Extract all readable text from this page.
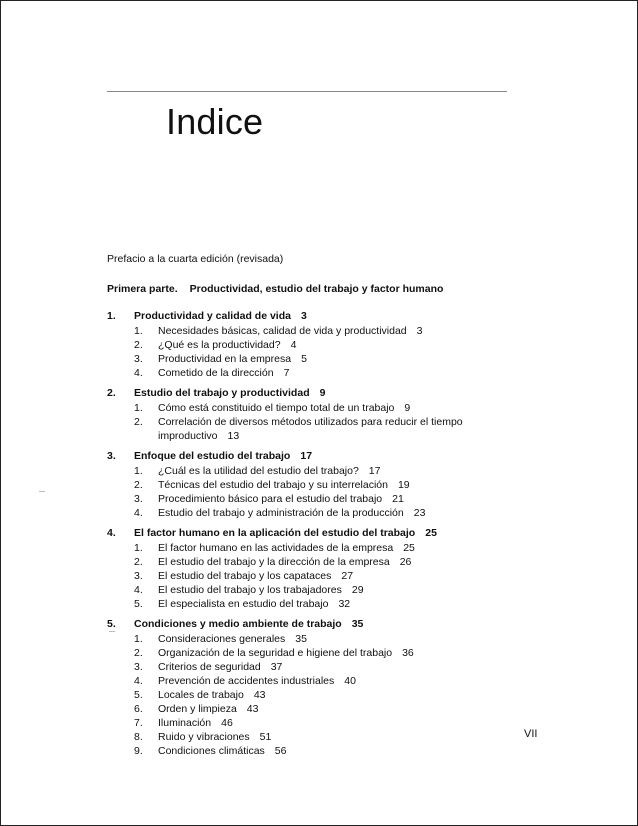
Indice
Prefacio a la cuarta edición (revisada)
Primera parte. Productividad, estudio del trabajo y factor humano
1.	Productividad y calidad de vida 3
1.	Necesidades básicas, calidad de vida y productividad 3
2.	¿Qué es la productividad? 4
3.	Productividad en la empresa 5
4.	Cometido de la dirección 7
2.	Estudio del trabajo y productividad 9
1.	Cómo está constituido el tiempo total de un trabajo 9
2.	Correlación de diversos métodos utilizados para reducir el tiempo improductivo 13
3.	Enfoque del estudio del trabajo 17
1.	¿Cuál es la utilidad del estudio del trabajo? 17
2.	Técnicas del estudio del trabajo y su interrelación 19
3.	Procedimiento básico para el estudio del trabajo 21
4.	Estudio del trabajo y administración de la producción 23
4.	El factor humano en la aplicación del estudio del trabajo 25
1.	El factor humano en las actividades de la empresa 25
2.	El estudio del trabajo y la dirección de la empresa 26
3.	El estudio del trabajo y los capataces 27
4.	El estudio del trabajo y los trabajadores 29
5.	El especialista en estudio del trabajo 32
5.	Condiciones y medio ambiente de trabajo 35
1.	Consideraciones generales 35
2.	Organización de la seguridad e higiene del trabajo 36
3.	Criterios de seguridad 37
4.	Prevención de accidentes industriales 40
5.	Locales de trabajo 43
6.	Orden y limpieza 43
7.	Iluminación 46
8.	Ruido y vibraciones 51
9.	Condiciones climáticas 56
VII
